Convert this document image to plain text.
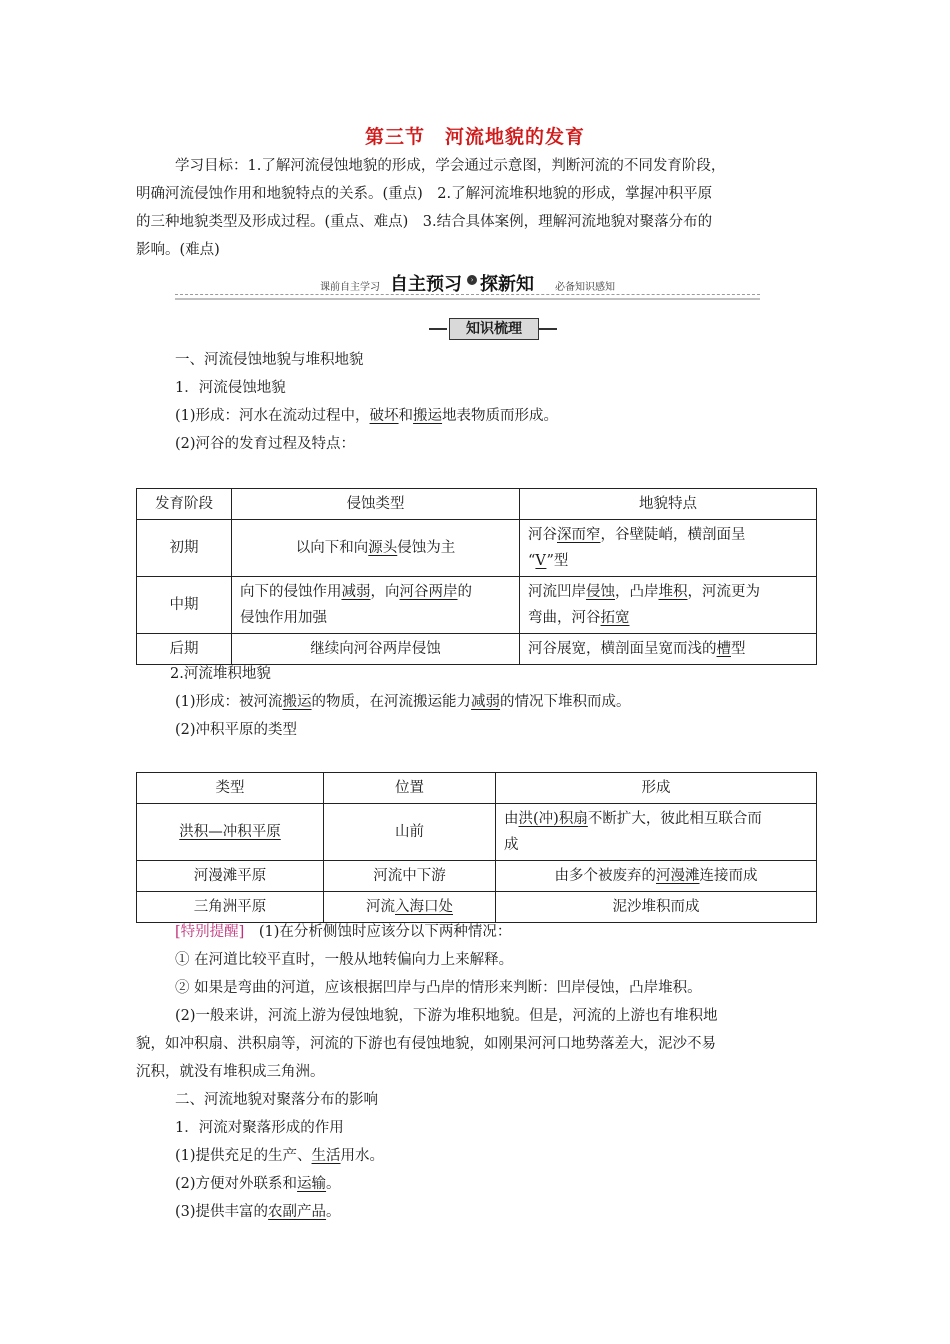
第三节　河流地貌的发育

学习目标：1.了解河流侵蚀地貌的形成，学会通过示意图，判断河流的不同发育阶段，

明确河流侵蚀作用和地貌特点的关系。(重点)　2.了解河流堆积地貌的形成，掌握冲积平原

的三种地貌类型及形成过程。(重点、难点)　3.结合具体案例，理解河流地貌对聚落分布的

影响。(难点)

课前自主学习 自主预习	› 探新知 必备知识感知
知识梳理

一、河流侵蚀地貌与堆积地貌

1．河流侵蚀地貌

(1)形成：河水在流动过程中，破坏和搬运地表物质而形成。

(2)河谷的发育过程及特点：

发育阶段	侵蚀类型	地貌特点
初期	以向下和向源头侵蚀为主	河谷深而窄，谷壁陡峭，横剖面呈
“V”型
中期	向下的侵蚀作用减弱，向河谷两岸的
侵蚀作用加强	河流凹岸侵蚀，凸岸堆积，河流更为
弯曲，河谷拓宽
后期	继续向河谷两岸侵蚀	河谷展宽，横剖面呈宽而浅的槽型

2.河流堆积地貌

(1)形成：被河流搬运的物质，在河流搬运能力减弱的情况下堆积而成。

(2)冲积平原的类型

类型	位置	形成
洪积—冲积平原	山前	由洪(冲)积扇不断扩大，彼此相互联合而
成
河漫滩平原	河流中下游	由多个被废弃的河漫滩连接而成
三角洲平原	河流入海口处	泥沙堆积而成

[特别提醒]　(1)在分析侧蚀时应该分以下两种情况：

① 在河道比较平直时，一般从地转偏向力上来解释。

② 如果是弯曲的河道，应该根据凹岸与凸岸的情形来判断：凹岸侵蚀，凸岸堆积。

(2)一般来讲，河流上游为侵蚀地貌，下游为堆积地貌。但是，河流的上游也有堆积地

貌，如冲积扇、洪积扇等，河流的下游也有侵蚀地貌，如刚果河河口地势落差大，泥沙不易

沉积，就没有堆积成三角洲。

二、河流地貌对聚落分布的影响

1．河流对聚落形成的作用

(1)提供充足的生产、生活用水。

(2)方便对外联系和运输。

(3)提供丰富的农副产品。
